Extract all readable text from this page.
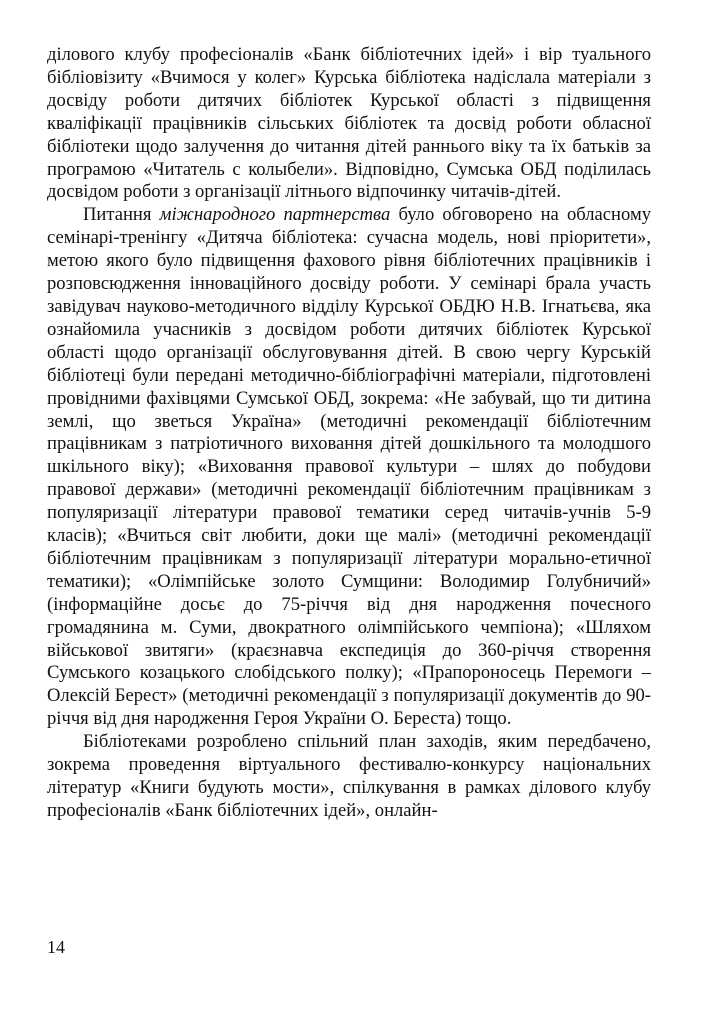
ділового клубу професіоналів «Банк бібліотечних ідей» і вір туального бібліовізиту «Вчимося у колег» Курська бібліотека надіслала матеріали з досвіду роботи дитячих бібліотек Курської області з підвищення кваліфікації працівників сільських бібліотек та досвід роботи обласної бібліотеки щодо залучення до читання дітей раннього віку та їх батьків за програмою «Читатель с колыбели». Відповідно, Сумська ОБД поділилась досвідом роботи з організації літнього відпочинку читачів-дітей.

Питання міжнародного партнерства було обговорено на обласному семінарі-тренінгу «Дитяча бібліотека: сучасна модель, нові пріоритети», метою якого було підвищення фахового рівня бібліотечних працівників і розповсюдження інноваційного досвіду роботи. У семінарі брала участь завідувач науково-методичного відділу Курської ОБДЮ Н.В. Ігнатьєва, яка ознайомила учасників з досвідом роботи дитячих бібліотек Курської області щодо організації обслуговування дітей. В свою чергу Курській бібліотеці були передані методично-бібліографічні матеріали, підготовлені провідними фахівцями Сумської ОБД, зокрема: «Не забувай, що ти дитина землі, що зветься Україна» (методичні рекомендації бібліотечним працівникам з патріотичного виховання дітей дошкільного та молодшого шкільного віку); «Виховання правової культури – шлях до побудови правової держави» (методичні рекомендації бібліотечним працівникам з популяризації літератури правової тематики серед читачів-учнів 5-9 класів); «Вчиться світ любити, доки ще малі» (методичні рекомендації бібліотечним працівникам з популяризації літератури морально-етичної тематики); «Олімпійське золото Сумщини: Володимир Голубничий» (інформаційне досьє до 75-річчя від дня народження почесного громадянина м. Суми, двократного олімпійського чемпіона); «Шляхом військової звитяги» (краєзнавча експедиція до 360-річчя створення Сумського козацького слобідського полку); «Прапороносець Перемоги – Олексій Берест» (методичні рекомендації з популяризації документів до 90-річчя від дня народження Героя України О. Береста) тощо.

Бібліотеками розроблено спільний план заходів, яким передбачено, зокрема проведення віртуального фестивалю-конкурсу національних літератур «Книги будують мости», спілкування в рамках ділового клубу професіоналів «Банк бібліотечних ідей», онлайн-

14
